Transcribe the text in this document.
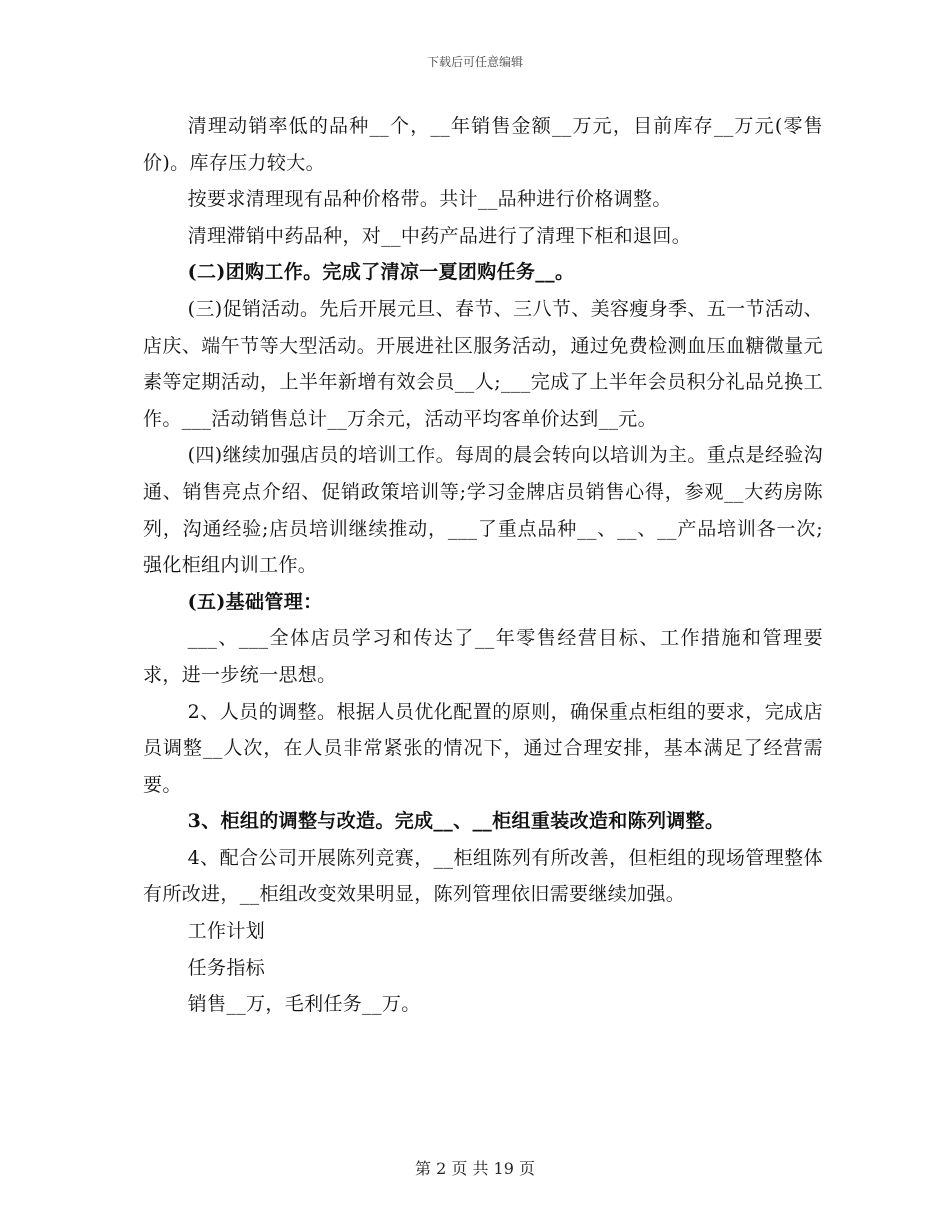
下载后可任意编辑

清理动销率低的品种__个，__年销售金额__万元，目前库存__万元(零售价)。库存压力较大。

按要求清理现有品种价格带。共计__品种进行价格调整。

清理滞销中药品种，对__中药产品进行了清理下柜和退回。

(二)团购工作。完成了清凉一夏团购任务__。

(三)促销活动。先后开展元旦、春节、三八节、美容瘦身季、五一节活动、店庆、端午节等大型活动。开展进社区服务活动，通过免费检测血压血糖微量元素等定期活动，上半年新增有效会员__人;___完成了上半年会员积分礼品兑换工作。___活动销售总计__万余元，活动平均客单价达到__元。

(四)继续加强店员的培训工作。每周的晨会转向以培训为主。重点是经验沟通、销售亮点介绍、促销政策培训等;学习金牌店员销售心得，参观__大药房陈列，沟通经验;店员培训继续推动，___了重点品种__、__、__产品培训各一次;强化柜组内训工作。

(五)基础管理：

___、___全体店员学习和传达了__年零售经营目标、工作措施和管理要求，进一步统一思想。

2、人员的调整。根据人员优化配置的原则，确保重点柜组的要求，完成店员调整__人次，在人员非常紧张的情况下，通过合理安排，基本满足了经营需要。

3、柜组的调整与改造。完成__、__柜组重装改造和陈列调整。

4、配合公司开展陈列竞赛，__柜组陈列有所改善，但柜组的现场管理整体有所改进，__柜组改变效果明显，陈列管理依旧需要继续加强。

工作计划

任务指标

销售__万，毛利任务__万。

第 2 页 共 19 页
